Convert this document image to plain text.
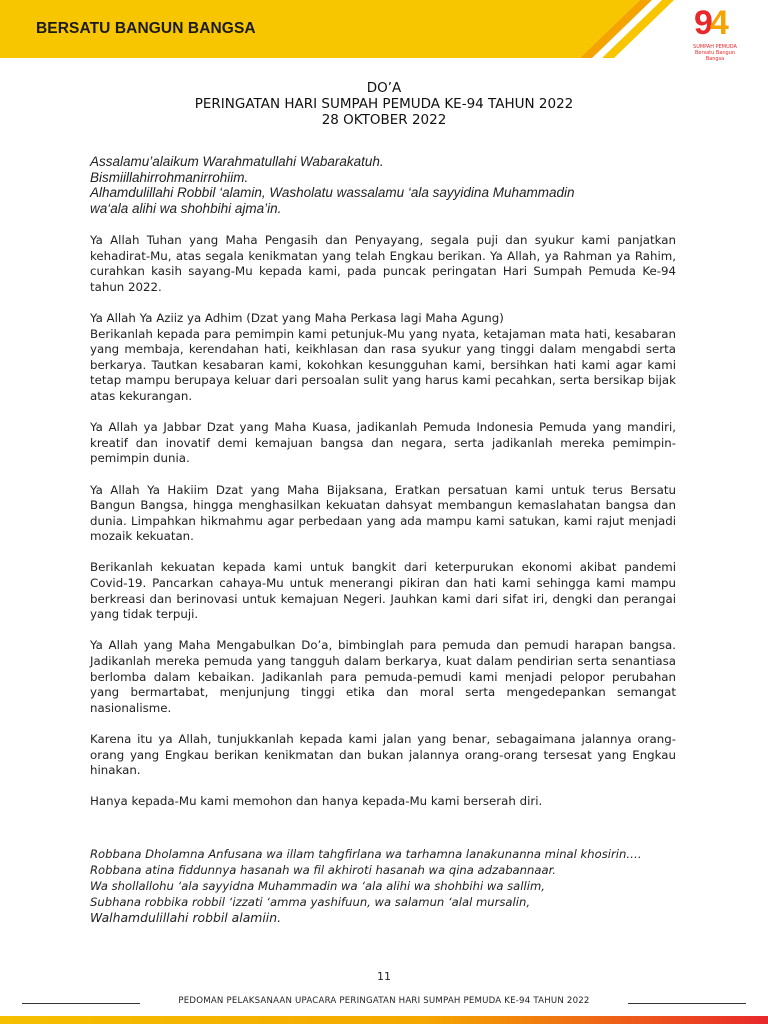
BERSATU BANGUN BANGSA	94
SUMPAH PEMUDA
Bersatu Bangun Bangsa
DO’A
PERINGATAN HARI SUMPAH PEMUDA KE-94 TAHUN 2022
28 OKTOBER 2022

Assalamu’alaikum Warahmatullahi Wabarakatuh.

Bismiillahirrohmanirrohiim.

Alhamdulillahi Robbil ‘alamin, Washolatu wassalamu ‘ala sayyidina Muhammadin

wa‘ala alihi wa shohbihi ajma’in.

Ya Allah Tuhan yang Maha Pengasih dan Penyayang, segala puji dan syukur kami panjatkan kehadirat-Mu, atas segala kenikmatan yang telah Engkau berikan. Ya Allah, ya Rahman ya Rahim, curahkan kasih sayang-Mu kepada kami, pada puncak peringatan Hari Sumpah Pemuda Ke-94 tahun 2022.

Ya Allah Ya Aziiz ya Adhim (Dzat yang Maha Perkasa lagi Maha Agung)

Berikanlah kepada para pemimpin kami petunjuk-Mu yang nyata, ketajaman mata hati, kesabaran yang membaja, kerendahan hati, keikhlasan dan rasa syukur yang tinggi dalam mengabdi serta berkarya. Tautkan kesabaran kami, kokohkan kesungguhan kami, bersihkan hati kami agar kami tetap mampu berupaya keluar dari persoalan sulit yang harus kami pecahkan, serta bersikap bijak atas kekurangan.

Ya Allah ya Jabbar Dzat yang Maha Kuasa, jadikanlah Pemuda Indonesia Pemuda yang mandiri, kreatif dan inovatif demi kemajuan bangsa dan negara, serta jadikanlah mereka pemimpin-pemimpin dunia.

Ya Allah Ya Hakiim Dzat yang Maha Bijaksana, Eratkan persatuan kami untuk terus Bersatu Bangun Bangsa, hingga menghasilkan kekuatan dahsyat membangun kemaslahatan bangsa dan dunia. Limpahkan hikmahmu agar perbedaan yang ada mampu kami satukan, kami rajut menjadi mozaik kekuatan.

Berikanlah kekuatan kepada kami untuk bangkit dari keterpurukan ekonomi akibat pandemi Covid-19. Pancarkan cahaya-Mu untuk menerangi pikiran dan hati kami sehingga kami mampu berkreasi dan berinovasi untuk kemajuan Negeri. Jauhkan kami dari sifat iri, dengki dan perangai yang tidak terpuji.

Ya Allah yang Maha Mengabulkan Do’a, bimbinglah para pemuda dan pemudi harapan bangsa. Jadikanlah mereka pemuda yang tangguh dalam berkarya, kuat dalam pendirian serta senantiasa berlomba dalam kebaikan. Jadikanlah para pemuda-pemudi kami menjadi pelopor perubahan yang bermartabat, menjunjung tinggi etika dan moral serta mengedepankan semangat nasionalisme.

Karena itu ya Allah, tunjukkanlah kepada kami jalan yang benar, sebagaimana jalannya orang-orang yang Engkau berikan kenikmatan dan bukan jalannya orang-orang tersesat yang Engkau hinakan.

Hanya kepada-Mu kami memohon dan hanya kepada-Mu kami berserah diri.

Robbana Dholamna Anfusana wa illam tahgfirlana wa tarhamna lanakunanna minal khosirin….

Robbana atina fiddunnya hasanah wa fil akhiroti hasanah wa qina adzabannaar.

Wa shollallohu ‘ala sayyidna Muhammadin wa ‘ala alihi wa shohbihi wa sallim,

Subhana robbika robbil ‘izzati ‘amma yashifuun, wa salamun ‘alal mursalin,

Walhamdulillahi robbil alamiin.

11
PEDOMAN PELAKSANAAN UPACARA PERINGATAN HARI SUMPAH PEMUDA KE-94 TAHUN 2022
